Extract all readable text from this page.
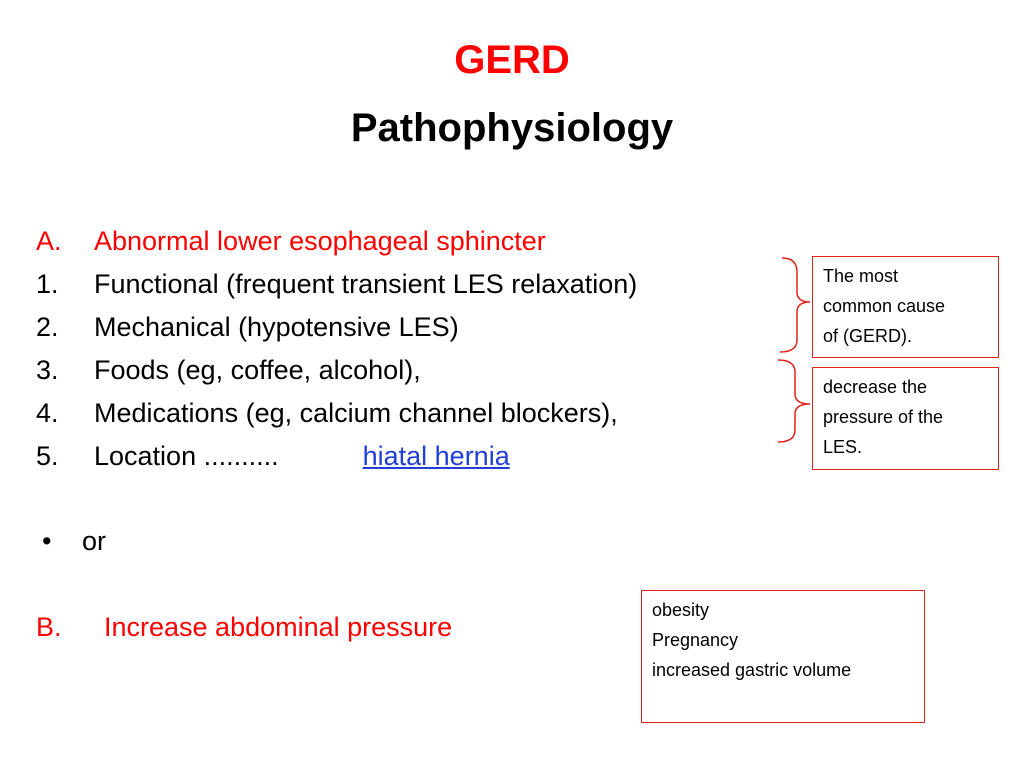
GERD
Pathophysiology
A. Abnormal lower esophageal sphincter
1. Functional (frequent transient LES relaxation)
2. Mechanical (hypotensive LES)
3. Foods (eg, coffee, alcohol),
4. Medications (eg, calcium channel blockers),
5. Location ..........	hiatal hernia
• or
B. Increase abdominal pressure
The most
common cause
of (GERD).
decrease the
pressure of the
LES.
obesity
Pregnancy
increased gastric volume
